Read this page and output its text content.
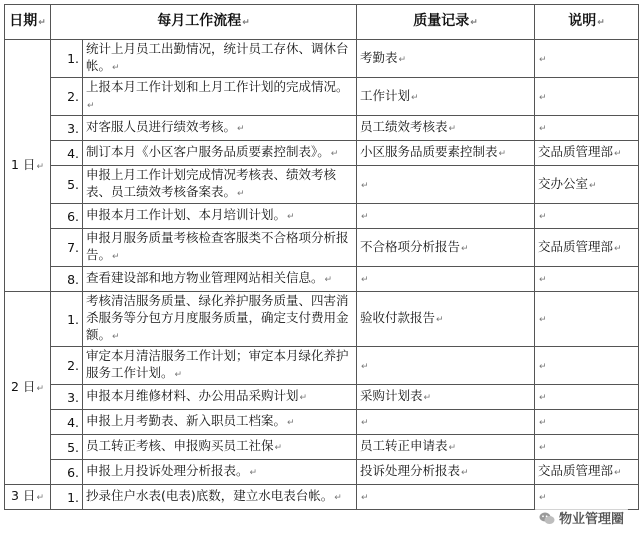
日期↵	每月工作流程↵		质量记录↵	说明↵
1 日↵	1.	统计上月员工出勤情况，统计员工存休、调休台帐。↵	考勤表↵	↵
	2.	上报本月工作计划和上月工作计划的完成情况。↵	工作计划↵	↵
	3.	对客服人员进行绩效考核。↵	员工绩效考核表↵	↵
	4.	制订本月《小区客户服务品质要素控制表》。↵	小区服务品质要素控制表↵	交品质管理部↵
	5.	申报上月工作计划完成情况考核表、绩效考核表、员工绩效考核备案表。↵	↵	交办公室↵
	6.	申报本月工作计划、本月培训计划。↵	↵	↵
	7.	申报月服务质量考核检查客服类不合格项分析报告。↵	不合格项分析报告↵	交品质管理部↵
	8.	查看建设部和地方物业管理网站相关信息。↵	↵	↵
2 日↵	1.	考核清洁服务质量、绿化养护服务质量、四害消杀服务等分包方月度服务质量，确定支付费用金额。↵	验收付款报告↵	↵
	2.	审定本月清洁服务工作计划；审定本月绿化养护服务工作计划。↵	↵	↵
	3.	申报本月维修材料、办公用品采购计划↵	采购计划表↵	↵
	4.	申报上月考勤表、新入职员工档案。↵	↵	↵
	5.	员工转正考核、申报购买员工社保↵	员工转正申请表↵	↵
	6.	申报上月投诉处理分析报表。↵	投诉处理分析报表↵	交品质管理部↵
3 日↵	1.	抄录住户水表(电表)底数，建立水电表台帐。↵	↵	↵
物业管理圈
